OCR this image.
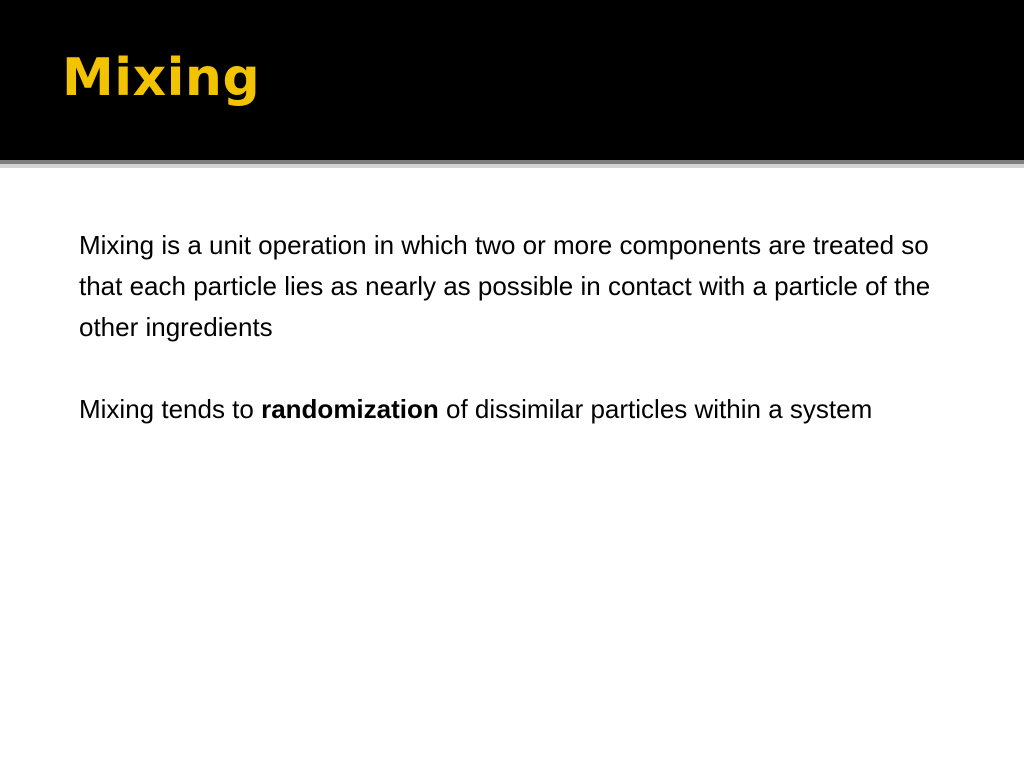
Mixing

Mixing is a unit operation in which two or more components are treated so that each particle lies as nearly as possible in contact with a particle of the other ingredients

Mixing tends to randomization of dissimilar particles within a system
